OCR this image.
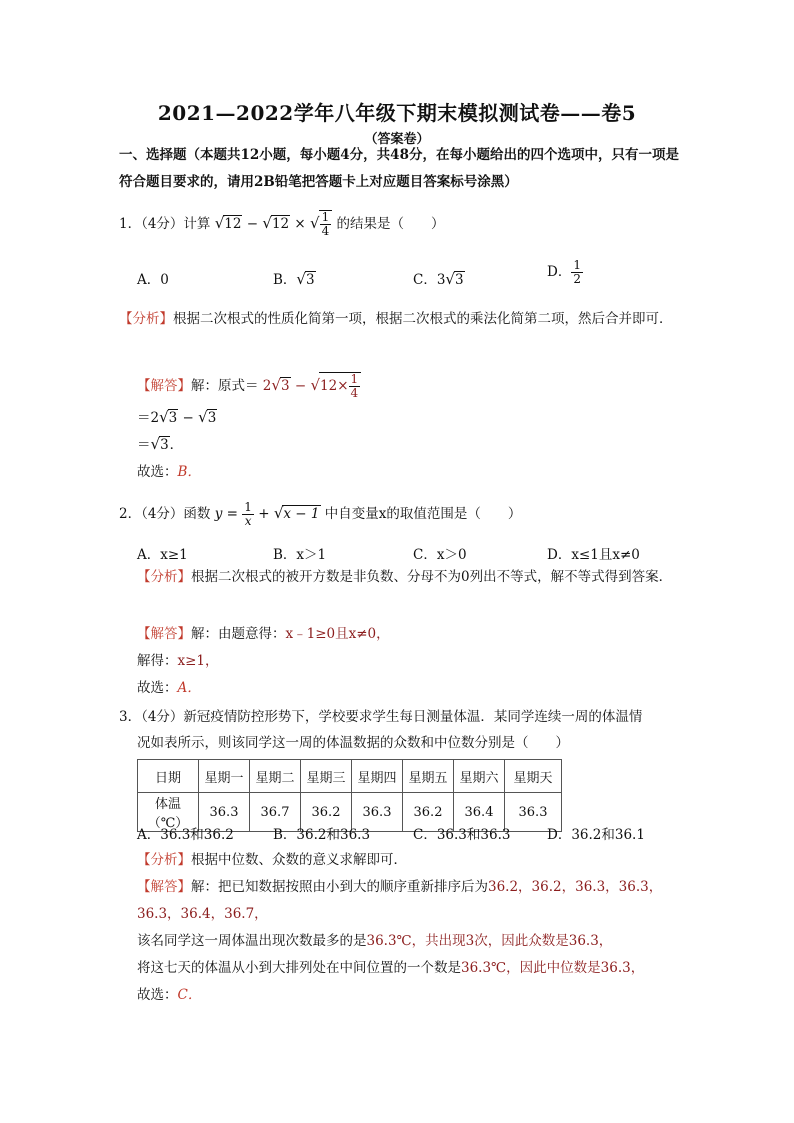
2021—2022学年八年级下期末模拟测试卷——卷5
（答案卷）
一、选择题（本题共12小题，每小题4分，共48分，在每小题给出的四个选项中，只有一项是符合题目要求的，请用2B铅笔把答题卡上对应题目答案标号涂黑）
1．（4分）计算 √12 − √12 × √ $\frac{1}{4}$ 的结果是（　　）
A．0	B．√3	C．3√3	D． $\frac{1}{2}$
【分析】根据二次根式的性质化简第一项，根据二次根式的乘法化简第二项，然后合并即可．
【解答】解：原式＝ $2√3 - √12\times \frac{1}{4}$
＝2√3 − √3
＝√3．
故选：B．
2．（4分）函数 $y = \frac{1}{x} + √x - 1$ 中自变量x的取值范围是（　　）
A．x≥1	B．x＞1	C．x＞0	D．x≤1且x≠0
【分析】根据二次根式的被开方数是非负数、分母不为0列出不等式，解不等式得到答案．
【解答】解：由题意得：x﹣1≥0且x≠0，
解得：x≥1，
故选：A．
3．（4分）新冠疫情防控形势下，学校要求学生每日测量体温．某同学连续一周的体温情
况如表所示，则该同学这一周的体温数据的众数和中位数分别是（　　）
日期	星期一	星期二	星期三	星期四	星期五	星期六	星期天
体温（℃）	36.3	36.7	36.2	36.3	36.2	36.4	36.3
A．36.3和36.2	B．36.2和36.3	C．36.3和36.3	D．36.2和36.1
【分析】根据中位数、众数的意义求解即可．
【解答】解：把已知数据按照由小到大的顺序重新排序后为36.2，36.2，36.3，36.3，
36.3，36.4，36.7，
该名同学这一周体温出现次数最多的是36.3℃，共出现3次，因此众数是36.3，
将这七天的体温从小到大排列处在中间位置的一个数是36.3℃，因此中位数是36.3，
故选：C．
